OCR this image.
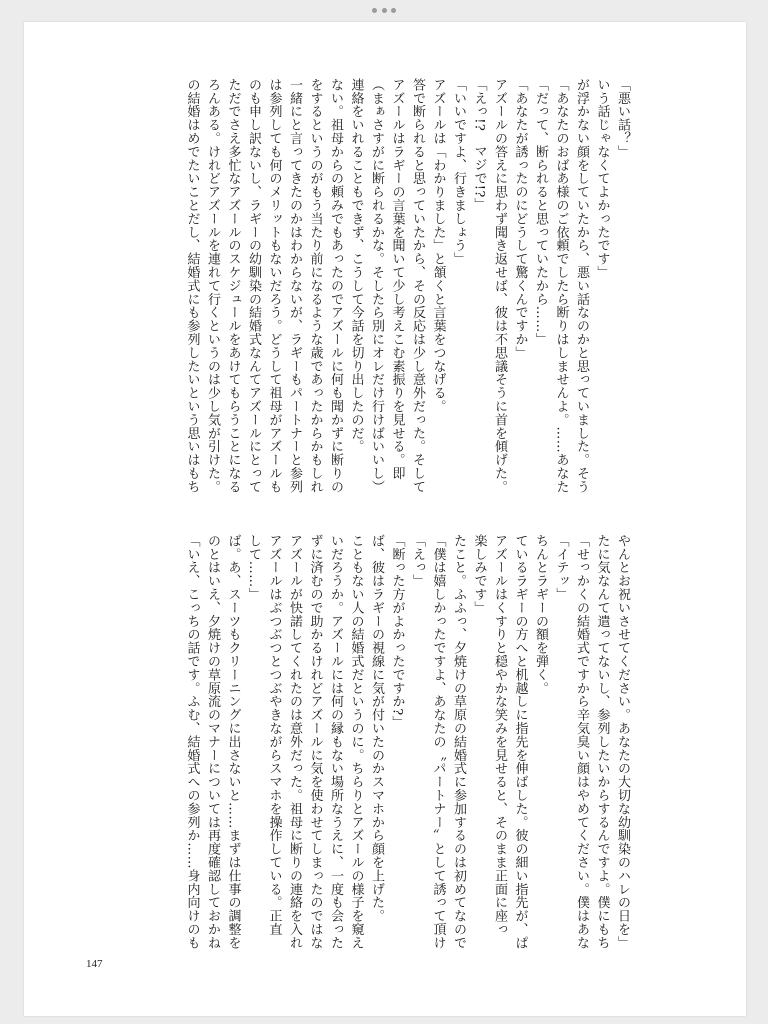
「悪い話？」
いう話じゃなくてよかったです」
が浮かない顔をしていたから、悪い話なのかと思っていました。そう
「あなたのおばあ様のご依頼でしたら断りはしませんよ。……あなた
「だって、断られると思っていたから……」
「あなたが誘ったのにどうして驚くんですか」
アズールの答えに思わず聞き返せば、彼は不思議そうに首を傾げた。
「えっ!?　マジで!?」
「いいですよ、行きましょう」
アズールは「わかりました」と頷くと言葉をつなげる。
答で断られると思っていたから、その反応は少し意外だった。そして
アズールはラギーの言葉を聞いて少し考えこむ素振りを見せる。即
（まぁさすがに断られるかな。そしたら別にオレだけ行けばいいし）
連絡をいれることもできず、こうして今話を切り出したのだ。
ない。祖母からの頼みでもあったのでアズールに何も聞かずに断りの
をするというのがもう当たり前になるような歳であったからかもしれ
一緒にと言ってきたのかはわからないが、ラギーもパートナーと参列
は参列しても何のメリットもないだろう。どうして祖母がアズールも
のも申し訳ないし、ラギーの幼馴染の結婚式なんてアズールにとって
ただでさえ多忙なアズールのスケジュールをあけてもらうことになる
ろんある。けれどアズールを連れて行くというのは少し気が引けた。
の結婚はめでたいことだし、結婚式にも参列したいという思いはもち
やんとお祝いさせてください。あなたの大切な幼馴染のハレの日を」
たに気なんて遣ってないし、参列したいからするんですよ。僕にもち
「せっかくの結婚式ですから辛気臭い顔はやめてください。僕はあな
「イテッ」
ちんとラギーの額を弾く。
ているラギーの方へと机越しに指先を伸ばした。彼の細い指先が、ぱ
アズールはくすりと穏やかな笑みを見せると、そのまま正面に座っ
楽しみです」
たこと。ふふっ、夕焼けの草原の結婚式に参加するのは初めてなので
「僕は嬉しかったですよ、あなたの〝パートナー〟として誘って頂け
「えっ」
「断った方がよかったですか?」
ば、彼はラギーの視線に気が付いたのかスマホから顔を上げた。
こともない人の結婚式だというのに。ちらりとアズールの様子を窺え
いだろうか。アズールには何の縁もない場所なうえに、一度も会った
ずに済むので助かるけれどアズールに気を使わせてしまったのではな
アズールが快諾してくれたのは意外だった。祖母に断りの連絡を入れ
アズールはぶつぶつとつぶやきながらスマホを操作している。正直
して……」
ば。あ、スーツもクリーニングに出さないと……まずは仕事の調整を
のとはいえ、夕焼けの草原流のマナーについては再度確認しておかね
「いえ、こっちの話です。ふむ、結婚式への参列か……身内向けのも
147
